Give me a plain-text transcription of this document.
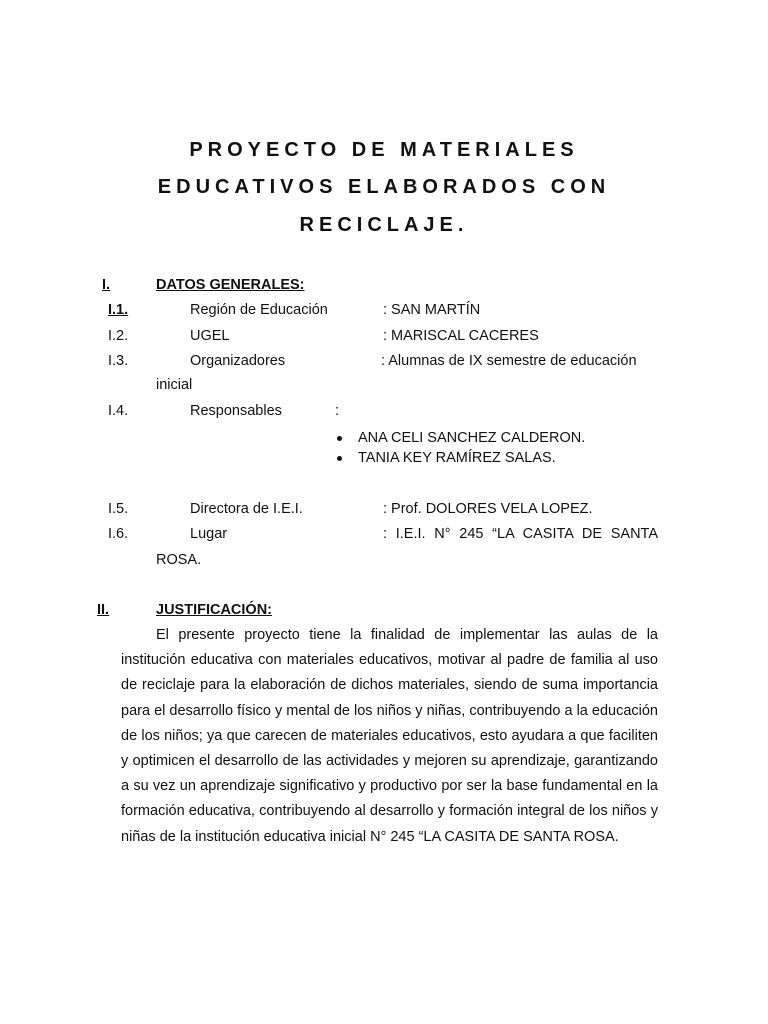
PROYECTO DE MATERIALES
EDUCATIVOS ELABORADOS CON
RECICLAJE.
I.	DATOS GENERALES:
I.1.	Región de Educación	: SAN MARTÍN
I.2.	UGEL	: MARISCAL CACERES
I.3.	Organizadores	: Alumnas de IX semestre de educación
inicial
I.4.	Responsables	:
ANA CELI SANCHEZ CALDERON.
TANIA KEY RAMÍREZ SALAS.
I.5.	Directora de I.E.I.	: Prof. DOLORES VELA LOPEZ.
I.6.	Lugar	: I.E.I. N° 245 “LA CASITA DE SANTA
ROSA.
II.	JUSTIFICACIÓN:

El presente proyecto tiene la finalidad de implementar las aulas de la institución educativa con materiales educativos, motivar al padre de familia al uso de reciclaje para la elaboración de dichos materiales, siendo de suma importancia para el desarrollo físico y mental de los niños y niñas, contribuyendo a la educación de los niños; ya que carecen de materiales educativos, esto ayudara a que faciliten y optimicen el desarrollo de las actividades y mejoren su aprendizaje, garantizando a su vez un aprendizaje significativo y productivo por ser la base fundamental en la formación educativa, contribuyendo al desarrollo y formación integral de los niños y niñas de la institución educativa inicial N° 245 “LA CASITA DE SANTA ROSA.
